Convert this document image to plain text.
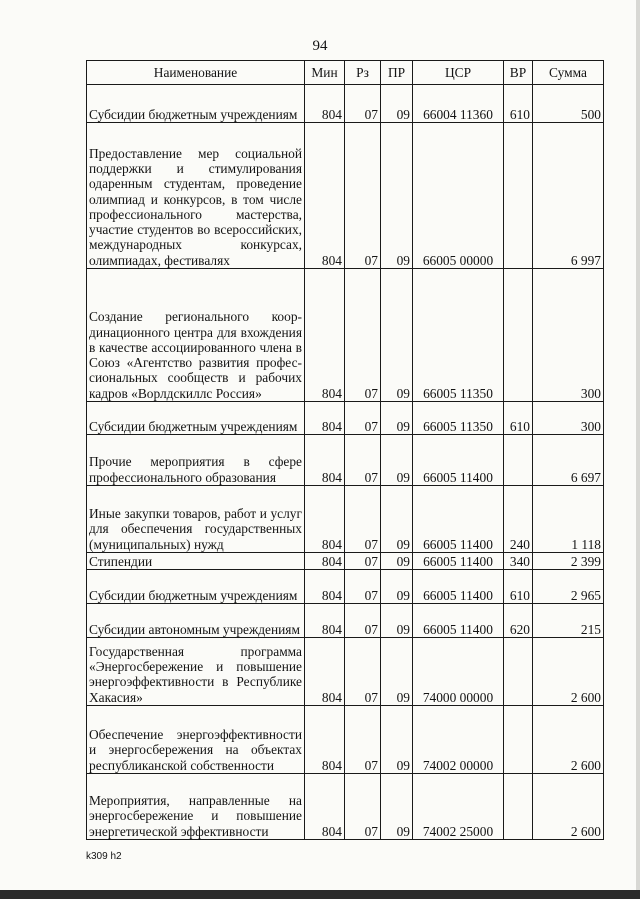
94
Наименование	Мин	Рз	ПР	ЦСР	ВР	Сумма
Субсидии бюджетным учреждениям	804	07	09	66004 11360	610	500
Предоставление мер социальной поддержки и стимулирования одаренным студентам, проведение олимпиад и конкурсов, в том числе профессионального мастерства, участие студентов во всероссийских, международных конкурсах, олимпиадах, фестивалях	804	07	09	66005 00000		6 997
Создание регионального координационного центра для вхождения в качестве ассоциированного члена в Союз «Агентство развития профессиональных сообществ и рабочих кадров «Ворлдскиллс Россия»	804	07	09	66005 11350		300
Субсидии бюджетным учреждениям	804	07	09	66005 11350	610	300
Прочие мероприятия в сфере профессионального образования	804	07	09	66005 11400		6 697
Иные закупки товаров, работ и услуг для обеспечения государственных (муниципальных) нужд	804	07	09	66005 11400	240	1 118
Стипендии	804	07	09	66005 11400	340	2 399
Субсидии бюджетным учреждениям	804	07	09	66005 11400	610	2 965
Субсидии автономным учреждениям	804	07	09	66005 11400	620	215
Государственная программа «Энергосбережение и повышение энергоэффективности в Республике Хакасия»	804	07	09	74000 00000		2 600
Обеспечение энергоэффективности и энергосбережения на объектах республиканской собственности	804	07	09	74002 00000		2 600
Мероприятия, направленные на энергосбережение и повышение энергетической эффективности	804	07	09	74002 25000		2 600
k309 h2
